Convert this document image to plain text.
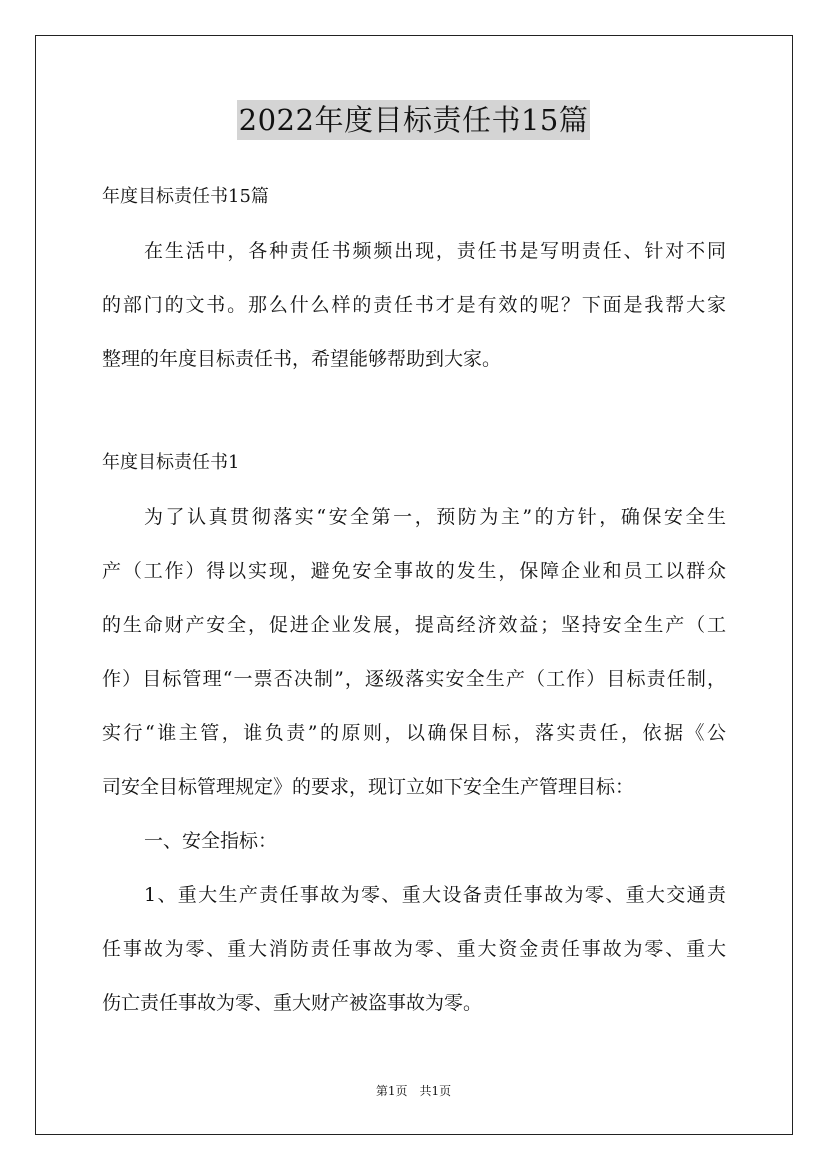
2022年度目标责任书15篇
年度目标责任书15篇
在生活中，各种责任书频频出现，责任书是写明责任、针对不同
的部门的文书。那么什么样的责任书才是有效的呢？下面是我帮大家
整理的年度目标责任书，希望能够帮助到大家。
年度目标责任书1
为了认真贯彻落实“安全第一，预防为主”的方针，确保安全生
产（工作）得以实现，避免安全事故的发生，保障企业和员工以群众
的生命财产安全，促进企业发展，提高经济效益；坚持安全生产（工
作）目标管理“一票否决制”，逐级落实安全生产（工作）目标责任制，
实行“谁主管，谁负责”的原则，以确保目标，落实责任，依据《公
司安全目标管理规定》的要求，现订立如下安全生产管理目标：
一、安全指标：
1、重大生产责任事故为零、重大设备责任事故为零、重大交通责
任事故为零、重大消防责任事故为零、重大资金责任事故为零、重大
伤亡责任事故为零、重大财产被盗事故为零。
第1页 共1页
